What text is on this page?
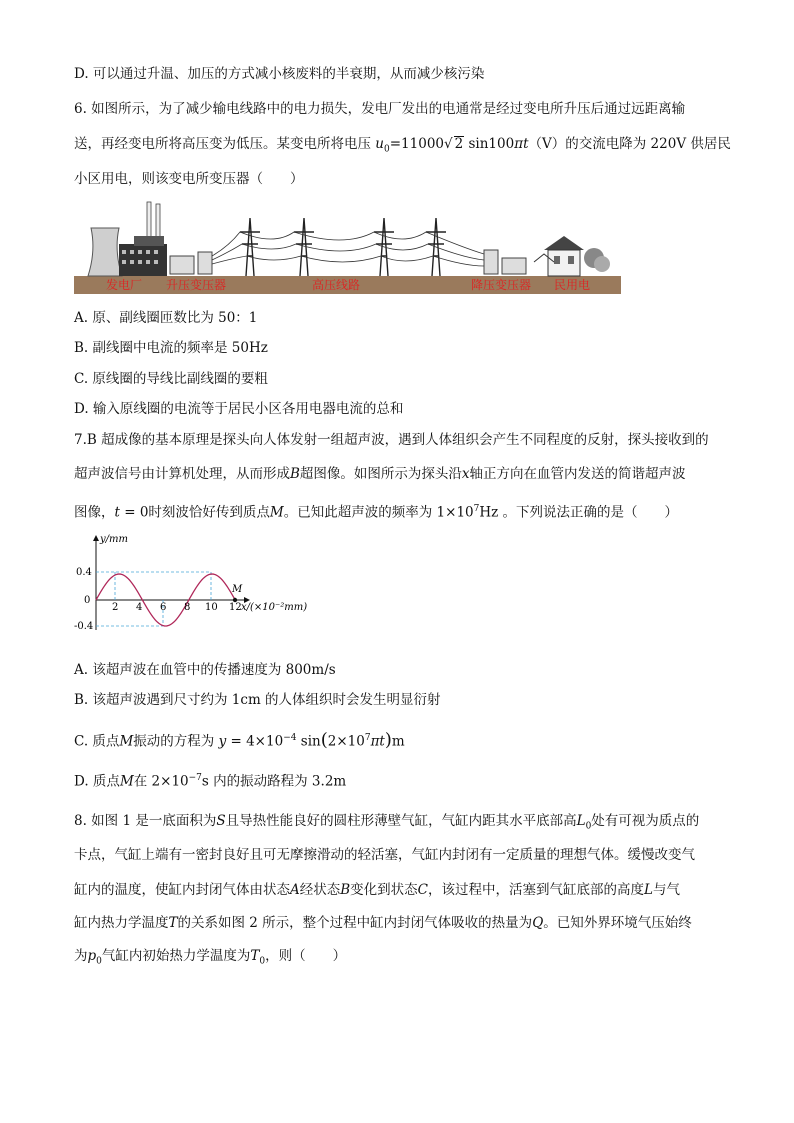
D. 可以通过升温、加压的方式减小核废料的半衰期，从而减少核污染
6. 如图所示，为了减少输电线路中的电力损失，发电厂发出的电通常是经过变电所升压后通过远距离输
送，再经变电所将高压变为低压。某变电所将电压 $u_0=11000√$ 2 sin100πt（V）的交流电降为 220V 供居民
小区用电，则该变电所变压器（　　）
发电厂 升压变压器	高压线路	降压变压器 民用电
A. 原、副线圈匝数比为 50：1
B. 副线圈中电流的频率是 50Hz
C. 原线圈的导线比副线圈的要粗
D. 输入原线圈的电流等于居民小区各用电器电流的总和
7.B 超成像的基本原理是探头向人体发射一组超声波，遇到人体组织会产生不同程度的反射，探头接收到的
超声波信号由计算机处理，从而形成B超图像。如图所示为探头沿x轴正方向在血管内发送的简谐超声波
图像，t = 0时刻波恰好传到质点M。已知此超声波的频率为 $1\times 10^7Hz$ 。下列说法正确的是（　　）
y/mm
x/(×10⁻²mm)
0.4
0
-0.4
2 4 6 8 10 12
M
A. 该超声波在血管中的传播速度为 800m/s
B. 该超声波遇到尺寸约为 1cm 的人体组织时会发生明显衍射
C. 质点M振动的方程为 $y = 4\times 10^{-4}$ $\sin(2\times 10^7\pi t)m$
D. 质点M在 $2\times 10^{-7}s$ 内的振动路程为 3.2m
8. 如图 1 是一底面积为S且导热性能良好的圆柱形薄壁气缸，气缸内距其水平底部高$L_0$处有可视为质点的
卡点，气缸上端有一密封良好且可无摩擦滑动的轻活塞，气缸内封闭有一定质量的理想气体。缓慢改变气
缸内的温度，使缸内封闭气体由状态A经状态B变化到状态C，该过程中，活塞到气缸底部的高度L与气
缸内热力学温度T的关系如图 2 所示，整个过程中缸内封闭气体吸收的热量为Q。已知外界环境气压始终
为$p_0$气缸内初始热力学温度为$T_0$，则（　　）
